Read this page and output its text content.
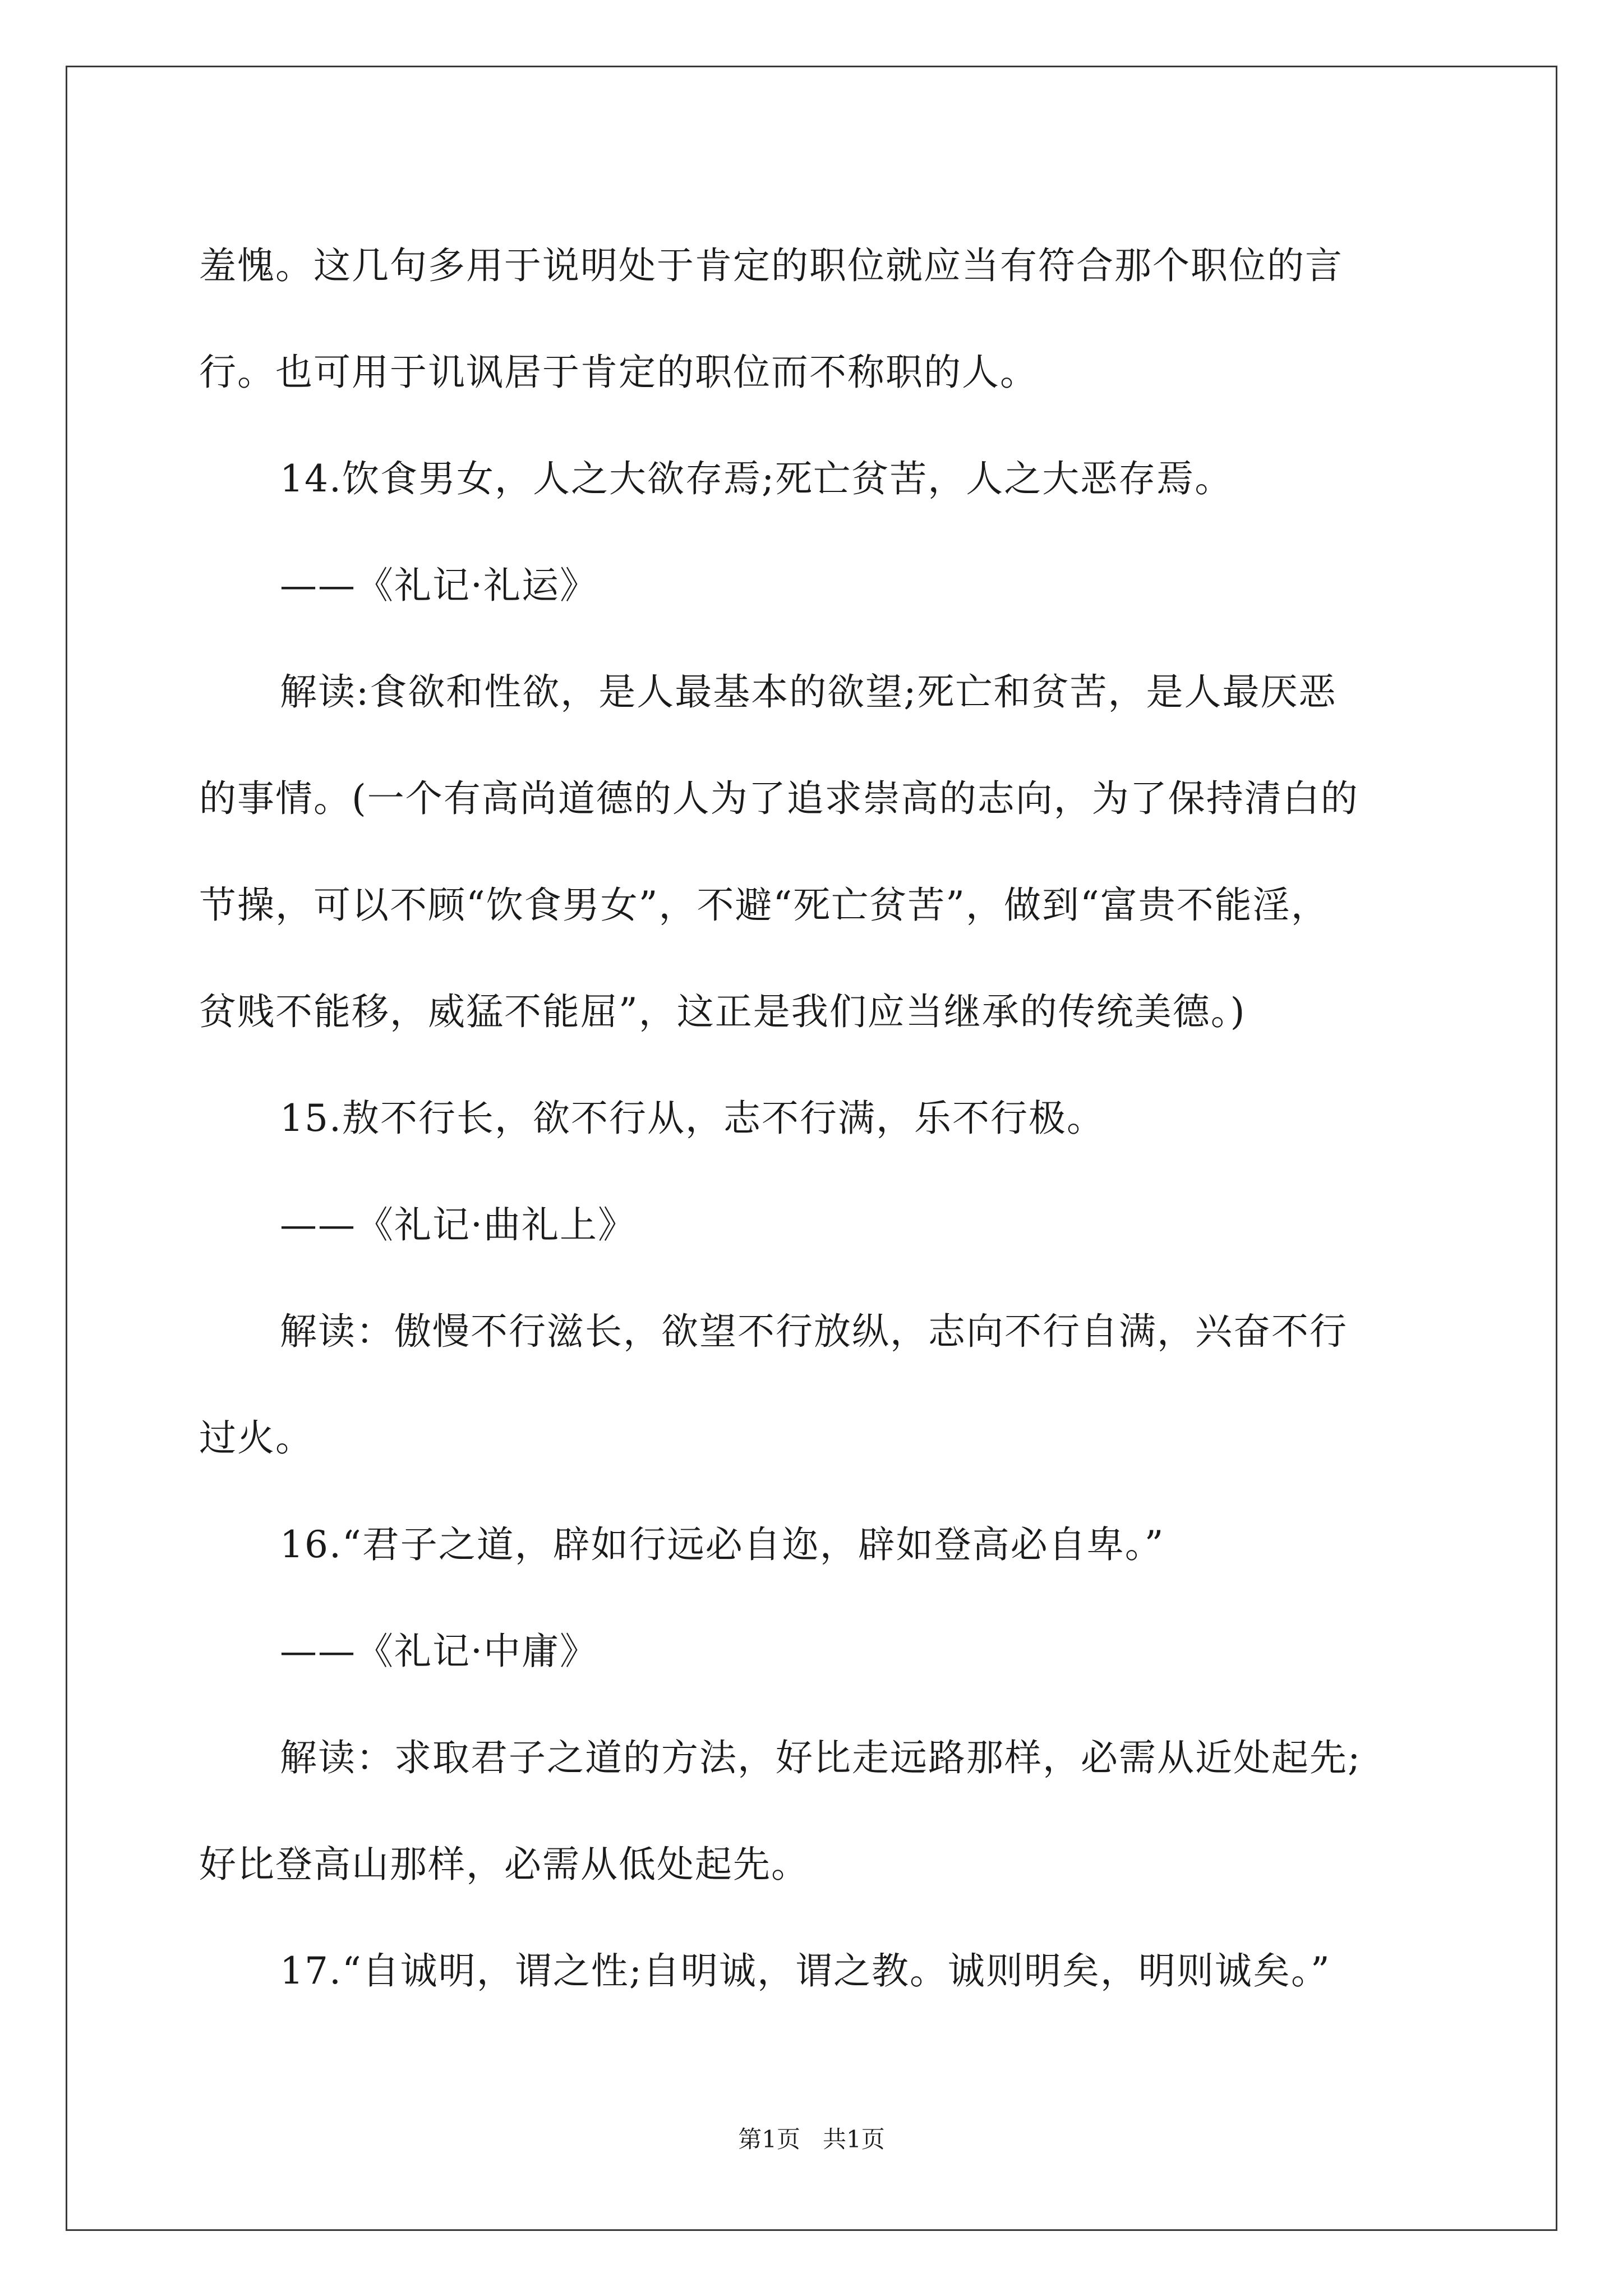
羞愧。这几句多用于说明处于肯定的职位就应当有符合那个职位的言

行。也可用于讥讽居于肯定的职位而不称职的人。

14.饮食男女，人之大欲存焉;死亡贫苦，人之大恶存焉。

——《礼记·礼运》

解读:食欲和性欲，是人最基本的欲望;死亡和贫苦，是人最厌恶

的事情。(一个有高尚道德的人为了追求崇高的志向，为了保持清白的

节操，可以不顾“饮食男女”，不避“死亡贫苦”，做到“富贵不能淫，

贫贱不能移，威猛不能屈”，这正是我们应当继承的传统美德。)

15.敖不行长，欲不行从，志不行满，乐不行极。

——《礼记·曲礼上》

解读：傲慢不行滋长，欲望不行放纵，志向不行自满，兴奋不行

过火。

16.“君子之道，辟如行远必自迩，辟如登高必自卑。”

——《礼记·中庸》

解读：求取君子之道的方法，好比走远路那样，必需从近处起先;

好比登高山那样，必需从低处起先。

17.“自诚明，谓之性;自明诚，谓之教。诚则明矣，明则诚矣。”

第1页 共1页
